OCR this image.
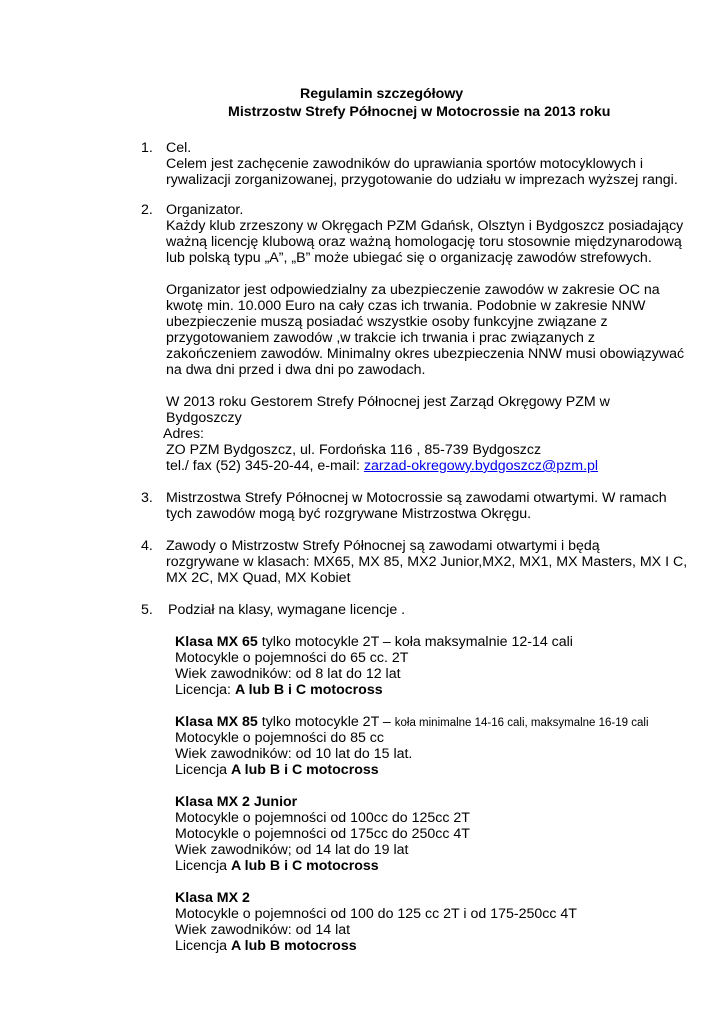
Regulamin szczegółowy
Mistrzostw Strefy Północnej w Motocrossie na 2013 roku
1. Cel.
Celem jest zachęcenie zawodników do uprawiania sportów motocyklowych i
rywalizacji zorganizowanej, przygotowanie do udziału w imprezach wyższej rangi.
2. Organizator.
Każdy klub zrzeszony w Okręgach PZM Gdańsk, Olsztyn i Bydgoszcz posiadający
ważną licencję klubową oraz ważną homologację toru stosownie międzynarodową
lub polską typu „A”, „B” może ubiegać się o organizację zawodów strefowych.
Organizator jest odpowiedzialny za ubezpieczenie zawodów w zakresie OC na
kwotę min. 10.000 Euro na cały czas ich trwania. Podobnie w zakresie NNW
ubezpieczenie muszą posiadać wszystkie osoby funkcyjne związane z
przygotowaniem zawodów ,w trakcie ich trwania i prac związanych z
zakończeniem zawodów. Minimalny okres ubezpieczenia NNW musi obowiązywać
na dwa dni przed i dwa dni po zawodach.
W 2013 roku Gestorem Strefy Północnej jest Zarząd Okręgowy PZM w
Bydgoszczy
Adres:
ZO PZM Bydgoszcz, ul. Fordońska 116 , 85-739 Bydgoszcz
tel./ fax (52) 345-20-44, e-mail: zarzad-okregowy.bydgoszcz@pzm.pl
3. Mistrzostwa Strefy Północnej w Motocrossie są zawodami otwartymi. W ramach
tych zawodów mogą być rozgrywane Mistrzostwa Okręgu.
4. Zawody o Mistrzostw Strefy Północnej są zawodami otwartymi i będą
rozgrywane w klasach: MX65, MX 85, MX2 Junior,MX2, MX1, MX Masters, MX I C,
MX 2C, MX Quad, MX Kobiet
5. Podział na klasy, wymagane licencje .
Klasa MX 65 tylko motocykle 2T – koła maksymalnie 12-14 cali
Motocykle o pojemności do 65 cc. 2T
Wiek zawodników: od 8 lat do 12 lat
Licencja: A lub B i C motocross
Klasa MX 85 tylko motocykle 2T – koła minimalne 14-16 cali, maksymalne 16-19 cali
Motocykle o pojemności do 85 cc
Wiek zawodników: od 10 lat do 15 lat.
Licencja A lub B i C motocross
Klasa MX 2 Junior
Motocykle o pojemności od 100cc do 125cc 2T
Motocykle o pojemności od 175cc do 250cc 4T
Wiek zawodników; od 14 lat do 19 lat
Licencja A lub B i C motocross
Klasa MX 2
Motocykle o pojemności od 100 do 125 cc 2T i od 175-250cc 4T
Wiek zawodników: od 14 lat
Licencja A lub B motocross
